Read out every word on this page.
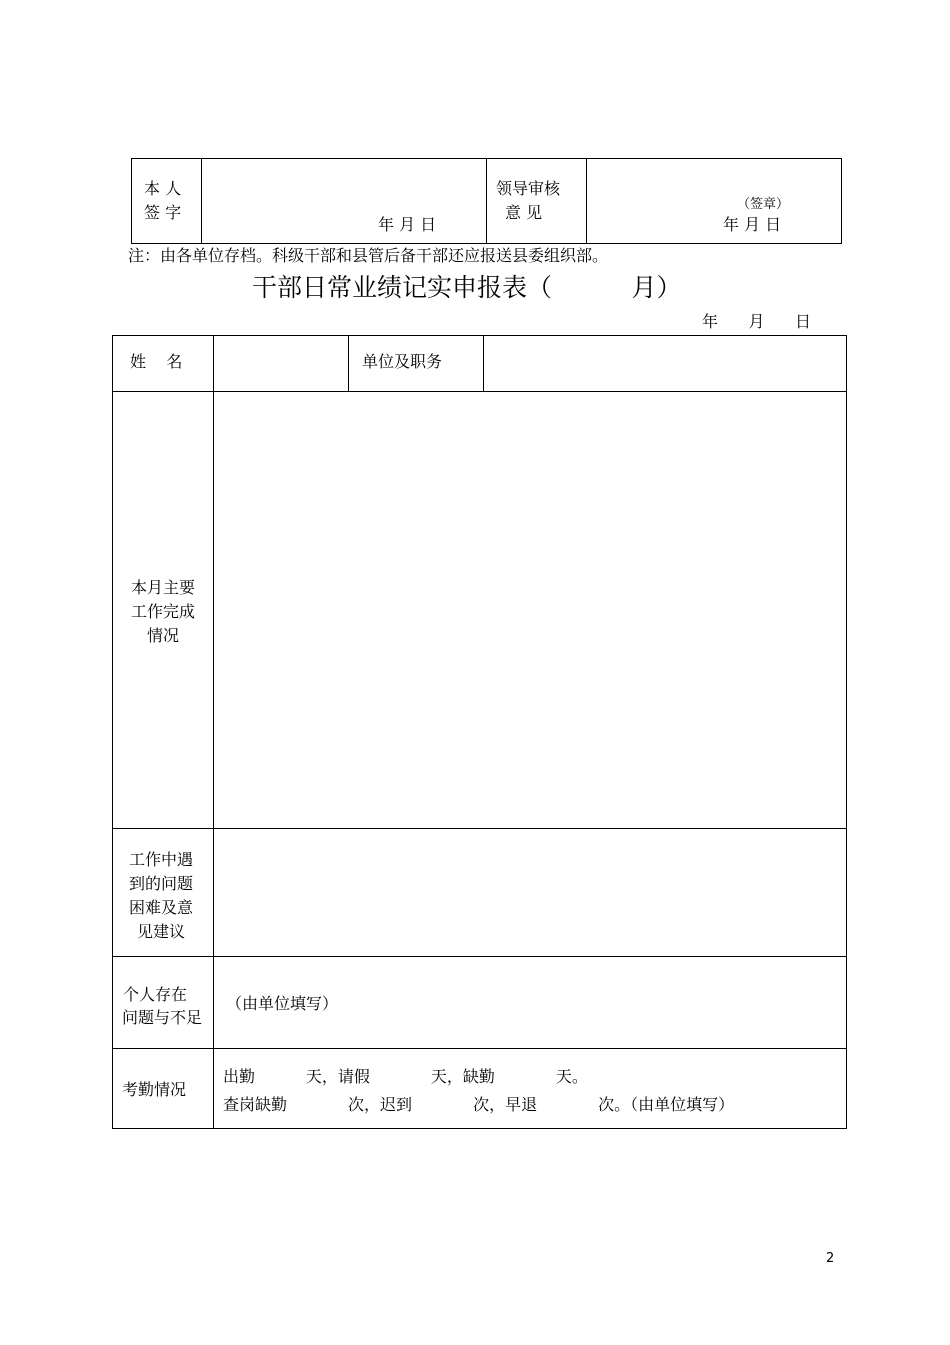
本 人
签 字
年 月 日
领导审核
意 见	（签章）
年 月 日
注：由各单位存档。科级干部和县管后备干部还应报送县委组织部。
干部日常业绩记实申报表（          月）
年      月      日
姓    名	单位及职务
本月主要
工作完成
情况
工作中遇
到的问题
困难及意
见建议
个人存在
问题与不足
（由单位填写）
考勤情况
出勤          天，请假            天，缺勤            天。
查岗缺勤            次，迟到            次，早退            次。（由单位填写）
2
